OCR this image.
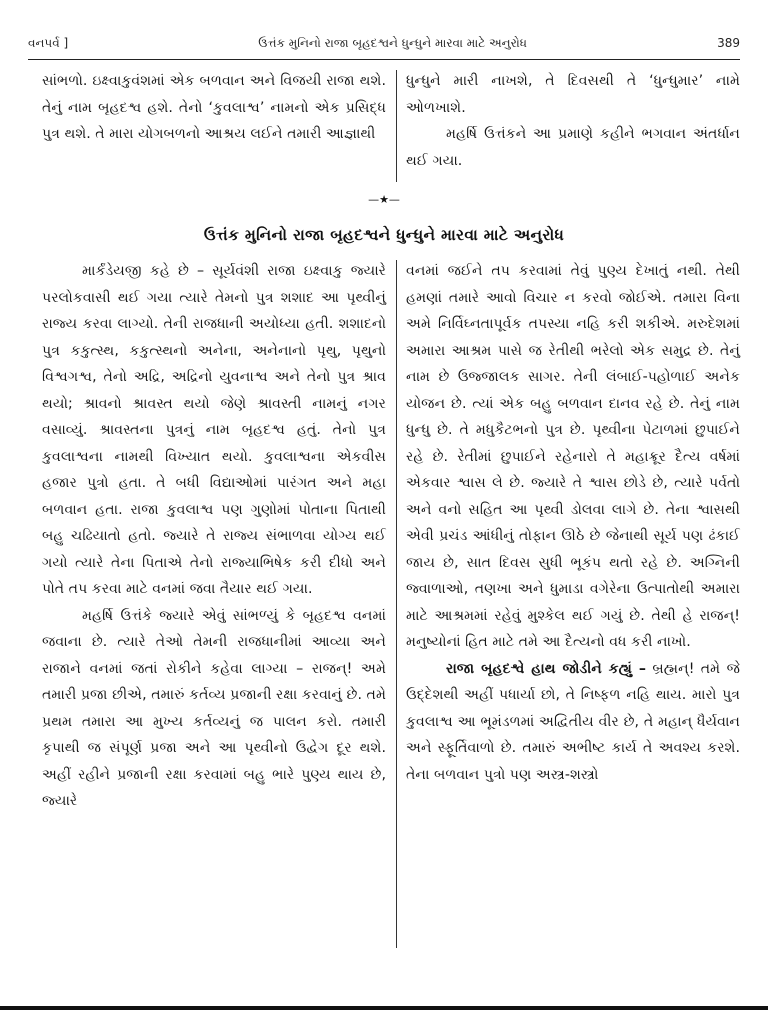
વનપર્વ ]	ઉત્તંક મુનિનો રાજા બૃહદશ્વને ધુન્ધુને મારવા માટે અનુરોધ	389

સાંભળો. ઇક્ષ્વાકુવંશમાં એક બળવાન અને વિજયી રાજા થશે. તેનું નામ બૃહદશ્વ હશે. તેનો ‘કુવલાશ્વ’ નામનો એક પ્રસિદ્ધ પુત્ર થશે. તે મારા યોગબળનો આશ્રય લઈને તમારી આજ્ઞાથી

ધુન્ધુને મારી નાખશે, તે દિવસથી તે ‘ધુન્ધુમાર’ નામે ઓળખાશે.

મહર્ષિ ઉત્તંકને આ પ્રમાણે કહીને ભગવાન અંતર્ધાન થઈ ગયા.

—★—
ઉત્તંક મુનિનો રાજા બૃહદશ્વને ધુન્ધુને મારવા માટે અનુરોધ

માર્કંડેયજી કહે છે – સૂર્યવંશી રાજા ઇક્ષ્વાકુ જ્યારે પરલોકવાસી થઈ ગયા ત્યારે તેમનો પુત્ર શશાદ આ પૃથ્વીનું રાજ્ય કરવા લાગ્યો. તેની રાજધાની અયોધ્યા હતી. શશાદનો પુત્ર કકુત્સ્થ, કકુત્સ્થનો અનેના, અનેનાનો પૃથુ, પૃથુનો વિશ્વગશ્વ, તેનો અદ્રિ, અદ્રિનો યુવનાશ્વ અને તેનો પુત્ર શ્રાવ થયો; શ્રાવનો શ્રાવસ્ત થયો જેણે શ્રાવસ્તી નામનું નગર વસાવ્યું. શ્રાવસ્તના પુત્રનું નામ બૃહદશ્વ હતું. તેનો પુત્ર કુવલાશ્વના નામથી વિખ્યાત થયો. કુવલાશ્વના એકવીસ હજાર પુત્રો હતા. તે બધી વિદ્યાઓમાં પારંગત અને મહા બળવાન હતા. રાજા કુવલાશ્વ પણ ગુણોમાં પોતાના પિતાથી બહુ ચઢિયાતો હતો. જ્યારે તે રાજ્ય સંભાળવા યોગ્ય થઈ ગયો ત્યારે તેના પિતાએ તેનો રાજ્યાભિષેક કરી દીધો અને પોતે તપ કરવા માટે વનમાં જવા તૈયાર થઈ ગયા.

મહર્ષિ ઉત્તંકે જ્યારે એવું સાંભળ્યું કે બૃહદશ્વ વનમાં જવાના છે. ત્યારે તેઓ તેમની રાજધાનીમાં આવ્યા અને રાજાને વનમાં જતાં રોકીને કહેવા લાગ્યા – રાજન્! અમે તમારી પ્રજા છીએ, તમારું કર્તવ્ય પ્રજાની રક્ષા કરવાનું છે. તમે પ્રથમ તમારા આ મુખ્ય કર્તવ્યનું જ પાલન કરો. તમારી કૃપાથી જ સંપૂર્ણ પ્રજા અને આ પૃથ્વીનો ઉદ્વેગ દૂર થશે. અહીં રહીને પ્રજાની રક્ષા કરવામાં બહુ ભારે પુણ્ય થાય છે, જ્યારે

વનમાં જઈને તપ કરવામાં તેવું પુણ્ય દેખાતું નથી. તેથી હમણાં તમારે આવો વિચાર ન કરવો જોઈએ. તમારા વિના અમે નિર્વિઘ્નતાપૂર્વક તપસ્યા નહિ કરી શકીએ. મરુદેશમાં અમારા આશ્રમ પાસે જ રેતીથી ભરેલો એક સમુદ્ર છે. તેનું નામ છે ઉજ્જાલક સાગર. તેની લંબાઈ-પહોળાઈ અનેક યોજન છે. ત્યાં એક બહુ બળવાન દાનવ રહે છે. તેનું નામ ધુન્ધુ છે. તે મધુકૈટભનો પુત્ર છે. પૃથ્વીના પેટાળમાં છુપાઈને રહે છે. રેતીમાં છુપાઈને રહેનારો તે મહાક્રૂર દૈત્ય વર્ષમાં એકવાર શ્વાસ લે છે. જ્યારે તે શ્વાસ છોડે છે, ત્યારે પર્વતો અને વનો સહિત આ પૃથ્વી ડોલવા લાગે છે. તેના શ્વાસથી એવી પ્રચંડ આંધીનું તોફાન ઊઠે છે જેનાથી સૂર્ય પણ ઢંકાઈ જાય છે, સાત દિવસ સુધી ભૂકંપ થતો રહે છે. અગ્નિની જ્વાળાઓ, તણખા અને ધુમાડા વગેરેના ઉત્પાતોથી અમારા માટે આશ્રમમાં રહેવું મુશ્કેલ થઈ ગયું છે. તેથી હે રાજન્! મનુષ્યોનાં હિત માટે તમે આ દૈત્યનો વધ કરી નાખો.

રાજા બૃહદશ્વે હાથ જોડીને કહ્યું – બ્રહ્મન્! તમે જે ઉદ્દેશથી અહીં પધાર્યા છો, તે નિષ્ફળ નહિ થાય. મારો પુત્ર કુવલાશ્વ આ ભૂમંડળમાં અદ્વિતીય વીર છે, તે મહાન્ ધૈર્યવાન અને સ્ફૂર્તિવાળો છે. તમારું અભીષ્ટ કાર્ય તે અવશ્ય કરશે. તેના બળવાન પુત્રો પણ અસ્ત્ર-શસ્ત્રો
